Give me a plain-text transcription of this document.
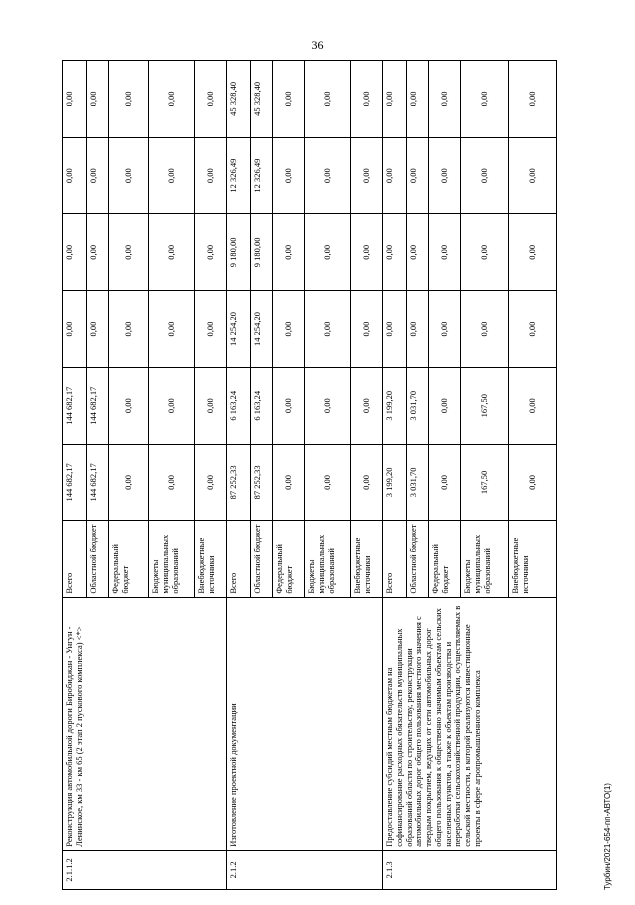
36
2.1.1.2	Реконструкция автомобильной дороги Биробиджан - Унгун - Ленинское, км 33 - км 65 (2 этап 2 пускового комплекса) <*>	Всего	144 682,17	144 682,17	0,00	0,00	0,00	0,00
		Областной бюджет	144 682,17	144 682,17	0,00	0,00	0,00	0,00
		Федеральный бюджет	0,00	0,00	0,00	0,00	0,00	0,00
		Бюджеты муниципальных образований	0,00	0,00	0,00	0,00	0,00	0,00
		Внебюджетные источники	0,00	0,00	0,00	0,00	0,00	0,00
2.1.2	Изготовление проектной документации	Всего	87 252,33	6 163,24	14 254,20	9 180,00	12 326,49	45 328,40
		Областной бюджет	87 252,33	6 163,24	14 254,20	9 180,00	12 326,49	45 328,40
		Федеральный бюджет	0,00	0,00	0,00	0,00	0,00	0,00
		Бюджеты муниципальных образований	0,00	0,00	0,00	0,00	0,00	0,00
		Внебюджетные источники	0,00	0,00	0,00	0,00	0,00	0,00
2.1.3	Предоставление субсидий местным бюджетам на софинансирование расходных обязательств муниципальных образований области по строительству, реконструкции автомобильных дорог общего пользования местного значения с твердым покрытием, ведущих от сети автомобильных дорог общего пользования к общественно значимым объектам сельских населенных пунктов, а также к объектам производства и переработки сельскохозяйственной продукции, осуществляемых в сельской местности, в которой реализуются инвестиционные проекты в сфере агропромышленного комплекса	Всего	3 199,20	3 199,20	0,00	0,00	0,00	0,00
		Областной бюджет	3 031,70	3 031,70	0,00	0,00	0,00	0,00
		Федеральный бюджет	0,00	0,00	0,00	0,00	0,00	0,00
		Бюджеты муниципальных образований	167,50	167,50	0,00	0,00	0,00	0,00
		Внебюджетные источники	0,00	0,00	0,00	0,00	0,00	0,00
Турбин/2021-654-пп-АВТО(1)
